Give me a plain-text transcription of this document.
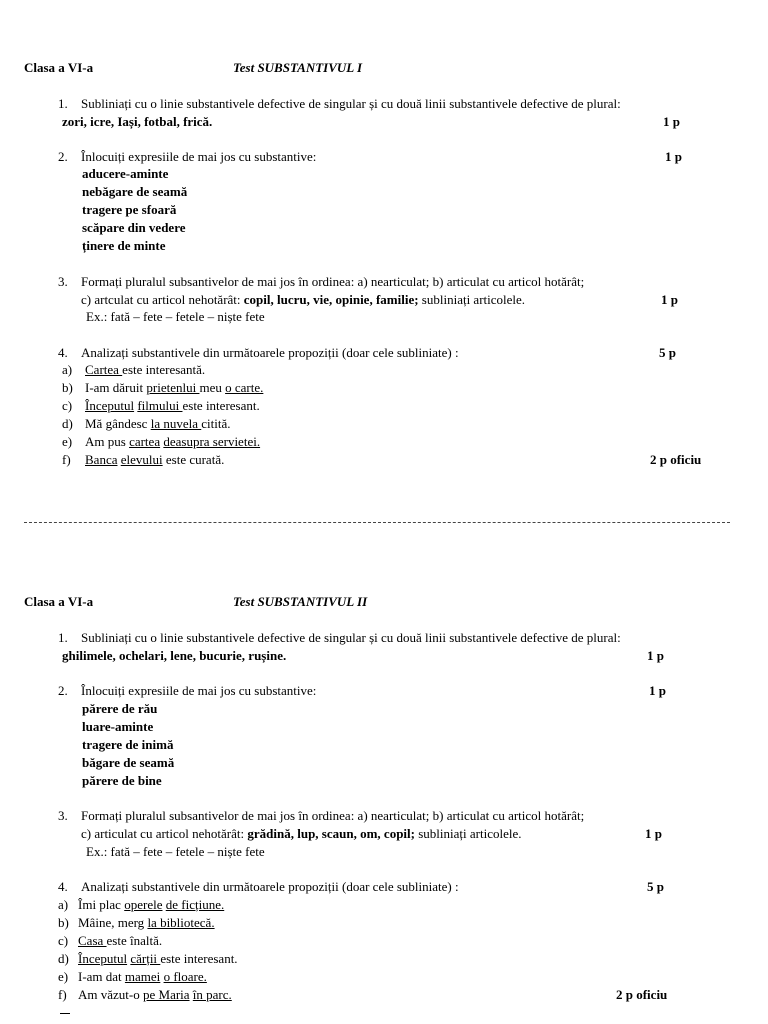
Clasa a VI-a	Test SUBSTANTIVUL I
1. Subliniați cu o linie substantivele defective de singular și cu două linii substantivele defective de plural:
zori, icre, Iași, fotbal, frică.	1 p
2. Înlocuiți expresiile de mai jos cu substantive:	1 p
aducere-aminte
nebăgare de seamă
tragere pe sfoară
scăpare din vedere
ținere de minte
3. Formați pluralul subsantivelor de mai jos în ordinea: a) nearticulat; b) articulat cu articol hotărât;
c) artculat cu articol nehotărât: copil, lucru, vie, opinie, familie; subliniați articolele.	1 p
Ex.: fată – fete – fetele – niște fete
4. Analizați substantivele din următoarele propoziții (doar cele subliniate) :	5 p
a) Cartea este interesantă.
b) I-am dăruit prietenlui meu o carte.
c) Începutul filmului este interesant.
d) Mă gândesc la nuvela citită.
e) Am pus cartea deasupra servietei.
f) Banca elevului este curată.	2 p oficiu
Clasa a VI-a	Test SUBSTANTIVUL II
1. Subliniați cu o linie substantivele defective de singular și cu două linii substantivele defective de plural:
ghilimele, ochelari, lene, bucurie, rușine.	1 p
2. Înlocuiți expresiile de mai jos cu substantive:	1 p
părere de rău
luare-aminte
tragere de inimă
băgare de seamă
părere de bine
3. Formați pluralul subsantivelor de mai jos în ordinea: a) nearticulat; b) articulat cu articol hotărât;
c) articulat cu articol nehotărât: grădină, lup, scaun, om, copil; subliniați articolele.	1 p
Ex.: fată – fete – fetele – niște fete
4. Analizați substantivele din următoarele propoziții (doar cele subliniate) :	5 p
a) Îmi plac operele de ficțiune.
b) Mâine, merg la bibliotecă.
c) Casa este înaltă.
d) Începutul cărții este interesant.
e) I-am dat mamei o floare.
f) Am văzut-o pe Maria în parc.	2 p oficiu
